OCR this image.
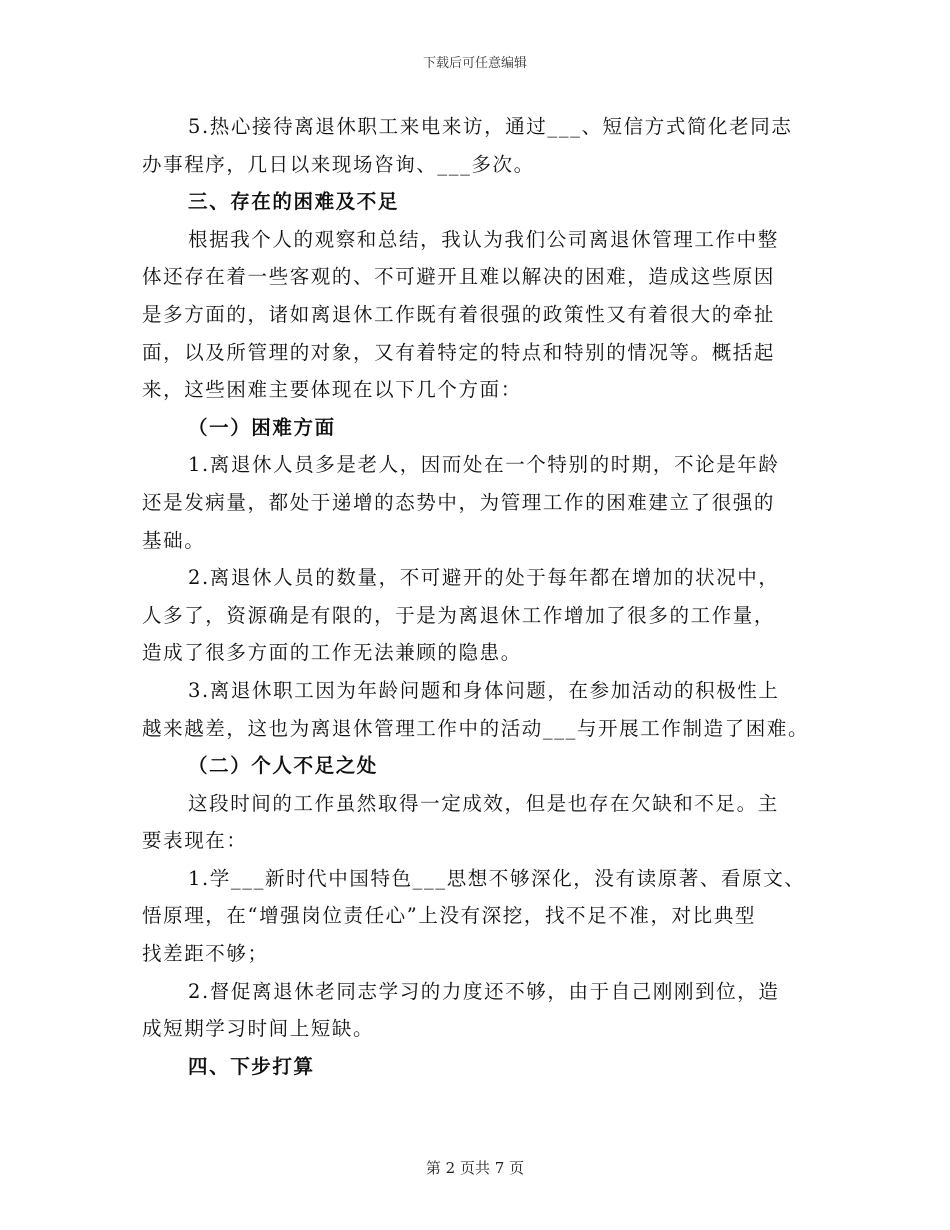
下载后可任意编辑
5.热心接待离退休职工来电来访，通过___、短信方式简化老同志
办事程序，几日以来现场咨询、___多次。
三、存在的困难及不足
根据我个人的观察和总结，我认为我们公司离退休管理工作中整
体还存在着一些客观的、不可避开且难以解决的困难，造成这些原因
是多方面的，诸如离退休工作既有着很强的政策性又有着很大的牵扯
面，以及所管理的对象，又有着特定的特点和特别的情况等。概括起
来，这些困难主要体现在以下几个方面：
（一）困难方面
1.离退休人员多是老人，因而处在一个特别的时期，不论是年龄
还是发病量，都处于递增的态势中，为管理工作的困难建立了很强的
基础。
2.离退休人员的数量，不可避开的处于每年都在增加的状况中，
人多了，资源确是有限的，于是为离退休工作增加了很多的工作量，
造成了很多方面的工作无法兼顾的隐患。
3.离退休职工因为年龄问题和身体问题，在参加活动的积极性上
越来越差，这也为离退休管理工作中的活动___与开展工作制造了困难。
（二）个人不足之处
这段时间的工作虽然取得一定成效，但是也存在欠缺和不足。主
要表现在：
1.学___新时代中国特色___思想不够深化，没有读原著、看原文、
悟原理，在“增强岗位责任心”上没有深挖，找不足不准，对比典型
找差距不够；
2.督促离退休老同志学习的力度还不够，由于自己刚刚到位，造
成短期学习时间上短缺。
四、下步打算
第 2 页共 7 页
